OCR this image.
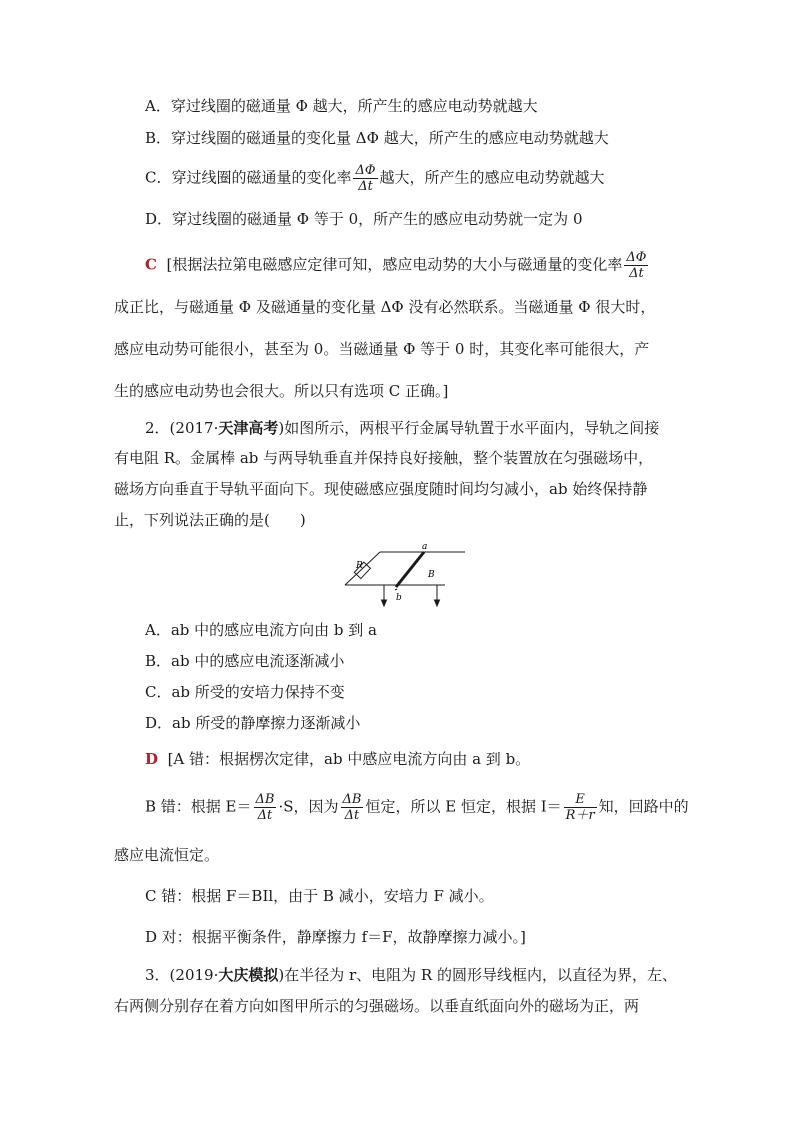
A．穿过线圈的磁通量 Φ 越大，所产生的感应电动势就越大
B．穿过线圈的磁通量的变化量 ΔΦ 越大，所产生的感应电动势就越大
C．穿过线圈的磁通量的变化率 $\frac{\Delta\Phi}{\Delta t}$ 越大，所产生的感应电动势就越大
D．穿过线圈的磁通量 Φ 等于 0，所产生的感应电动势就一定为 0
C [根据法拉第电磁感应定律可知，感应电动势的大小与磁通量的变化率 $\frac{\Delta\Phi}{\Delta t}$
成正比，与磁通量 Φ 及磁通量的变化量 ΔΦ 没有必然联系。当磁通量 Φ 很大时，
感应电动势可能很小，甚至为 0。当磁通量 Φ 等于 0 时，其变化率可能很大，产
生的感应电动势也会很大。所以只有选项 C 正确。]
2．(2017·天津高考)如图所示，两根平行金属导轨置于水平面内，导轨之间接
有电阻 R。金属棒 ab 与两导轨垂直并保持良好接触，整个装置放在匀强磁场中，
磁场方向垂直于导轨平面向下。现使磁感应强度随时间均匀减小，ab 始终保持静
止，下列说法正确的是(　　)
R
a
B
b
A．ab 中的感应电流方向由 b 到 a
B．ab 中的感应电流逐渐减小
C．ab 所受的安培力保持不变
D．ab 所受的静摩擦力逐渐减小
D [A 错：根据楞次定律，ab 中感应电流方向由 a 到 b。
B 错：根据 $E= \frac{\Delta B}{\Delta t} \cdot S$，因为 $\frac{\Delta B}{\Delta t}$ 恒定，所以 E 恒定，根据 $I= \frac{E}{R+r}$ 知，回路中的
感应电流恒定。
C 错：根据 F＝BIl，由于 B 减小，安培力 F 减小。
D 对：根据平衡条件，静摩擦力 f＝F，故静摩擦力减小。]
3．(2019·大庆模拟)在半径为 r、电阻为 R 的圆形导线框内，以直径为界，左、
右两侧分别存在着方向如图甲所示的匀强磁场。以垂直纸面向外的磁场为正，两
